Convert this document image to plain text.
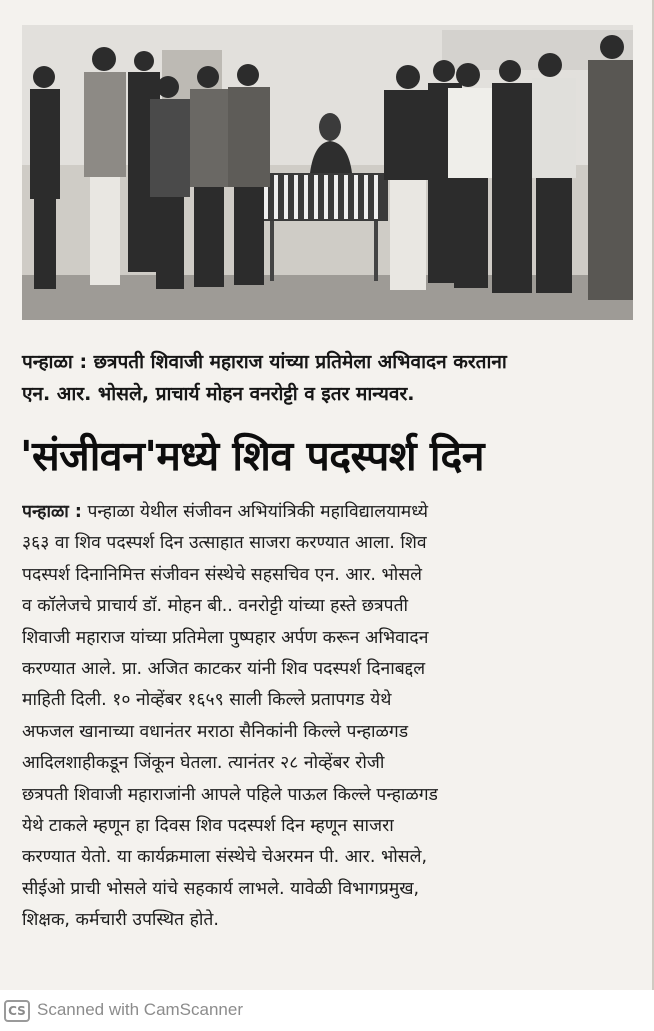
पन्हाळा : छत्रपती शिवाजी महाराज यांच्या प्रतिमेला अभिवादन करताना
एन. आर. भोसले, प्राचार्य मोहन वनरोट्टी व इतर मान्यवर.
'संजीवन'मध्ये शिव पदस्पर्श दिन
पन्हाळा : पन्हाळा येथील संजीवन अभियांत्रिकी महाविद्यालयामध्ये
३६३ वा शिव पदस्पर्श दिन उत्साहात साजरा करण्यात आला. शिव
पदस्पर्श दिनानिमित्त संजीवन संस्थेचे सहसचिव एन. आर. भोसले
व कॉलेजचे प्राचार्य डॉ. मोहन बी.. वनरोट्टी यांच्या हस्ते छत्रपती
शिवाजी महाराज यांच्या प्रतिमेला पुष्पहार अर्पण करून अभिवादन
करण्यात आले. प्रा. अजित काटकर यांनी शिव पदस्पर्श दिनाबद्दल
माहिती दिली. १० नोव्हेंबर १६५९ साली किल्ले प्रतापगड येथे
अफजल खानाच्या वधानंतर मराठा सैनिकांनी किल्ले पन्हाळगड
आदिलशाहीकडून जिंकून घेतला. त्यानंतर २८ नोव्हेंबर रोजी
छत्रपती शिवाजी महाराजांनी आपले पहिले पाऊल किल्ले पन्हाळगड
येथे टाकले म्हणून हा दिवस शिव पदस्पर्श दिन म्हणून साजरा
करण्यात येतो. या कार्यक्रमाला संस्थेचे चेअरमन पी. आर. भोसले,
सीईओ प्राची भोसले यांचे सहकार्य लाभले. यावेळी विभागप्रमुख,
शिक्षक, कर्मचारी उपस्थित होते.
CS Scanned with CamScanner
